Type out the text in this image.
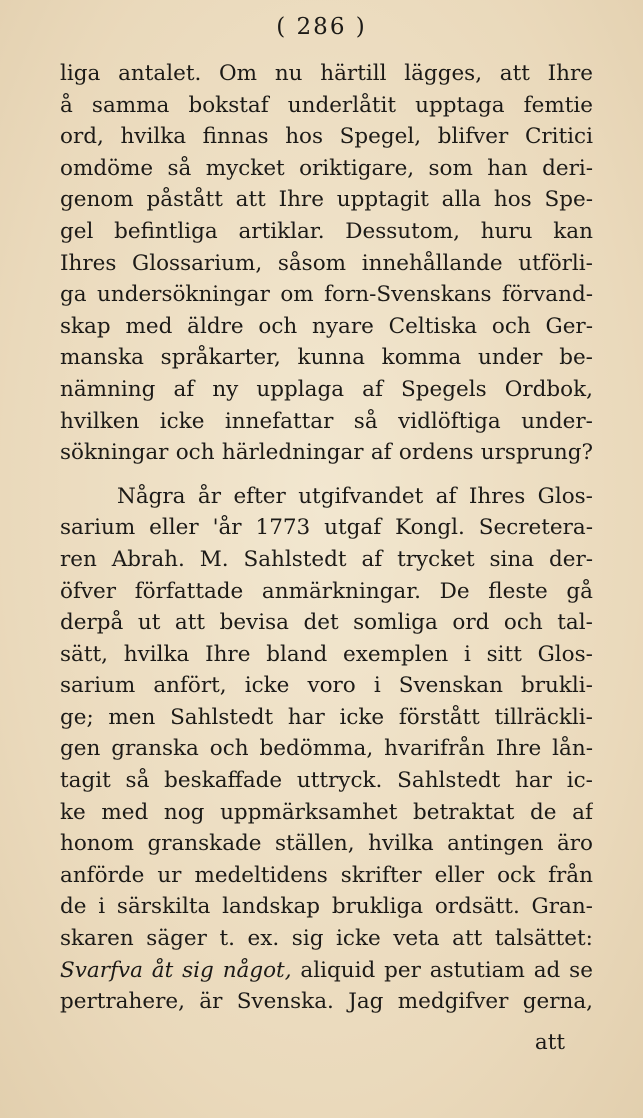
( 286 )
liga antalet. Om nu härtill lägges, att Ihre
å samma bokstaf underlåtit upptaga femtie
ord, hvilka finnas hos Spegel, blifver Critici
omdöme så mycket oriktigare, som han deri-
genom påstått att Ihre upptagit alla hos Spe-
gel befintliga artiklar. Dessutom, huru kan
Ihres Glossarium, såsom innehållande utförli-
ga undersökningar om forn-Svenskans förvand-
skap med äldre och nyare Celtiska och Ger-
manska språkarter, kunna komma under be-
nämning af ny upplaga af Spegels Ordbok,
hvilken icke innefattar så vidlöftiga under-
sökningar och härledningar af ordens ursprung?
Några år efter utgifvandet af Ihres Glos-
sarium eller 'år 1773 utgaf Kongl. Secretera-
ren Abrah. M. Sahlstedt af trycket sina der-
öfver författade anmärkningar. De fleste gå
derpå ut att bevisa det somliga ord och tal-
sätt, hvilka Ihre bland exemplen i sitt Glos-
sarium anfört, icke voro i Svenskan brukli-
ge; men Sahlstedt har icke förstått tillräckli-
gen granska och bedömma, hvarifrån Ihre lån-
tagit så beskaffade uttryck. Sahlstedt har ic-
ke med nog uppmärksamhet betraktat de af
honom granskade ställen, hvilka antingen äro
anförde ur medeltidens skrifter eller ock från
de i särskilta landskap brukliga ordsätt. Gran-
skaren säger t. ex. sig icke veta att talsättet:
Svarfva åt sig något, aliquid per astutiam ad se
pertrahere, är Svenska. Jag medgifver gerna,
att
